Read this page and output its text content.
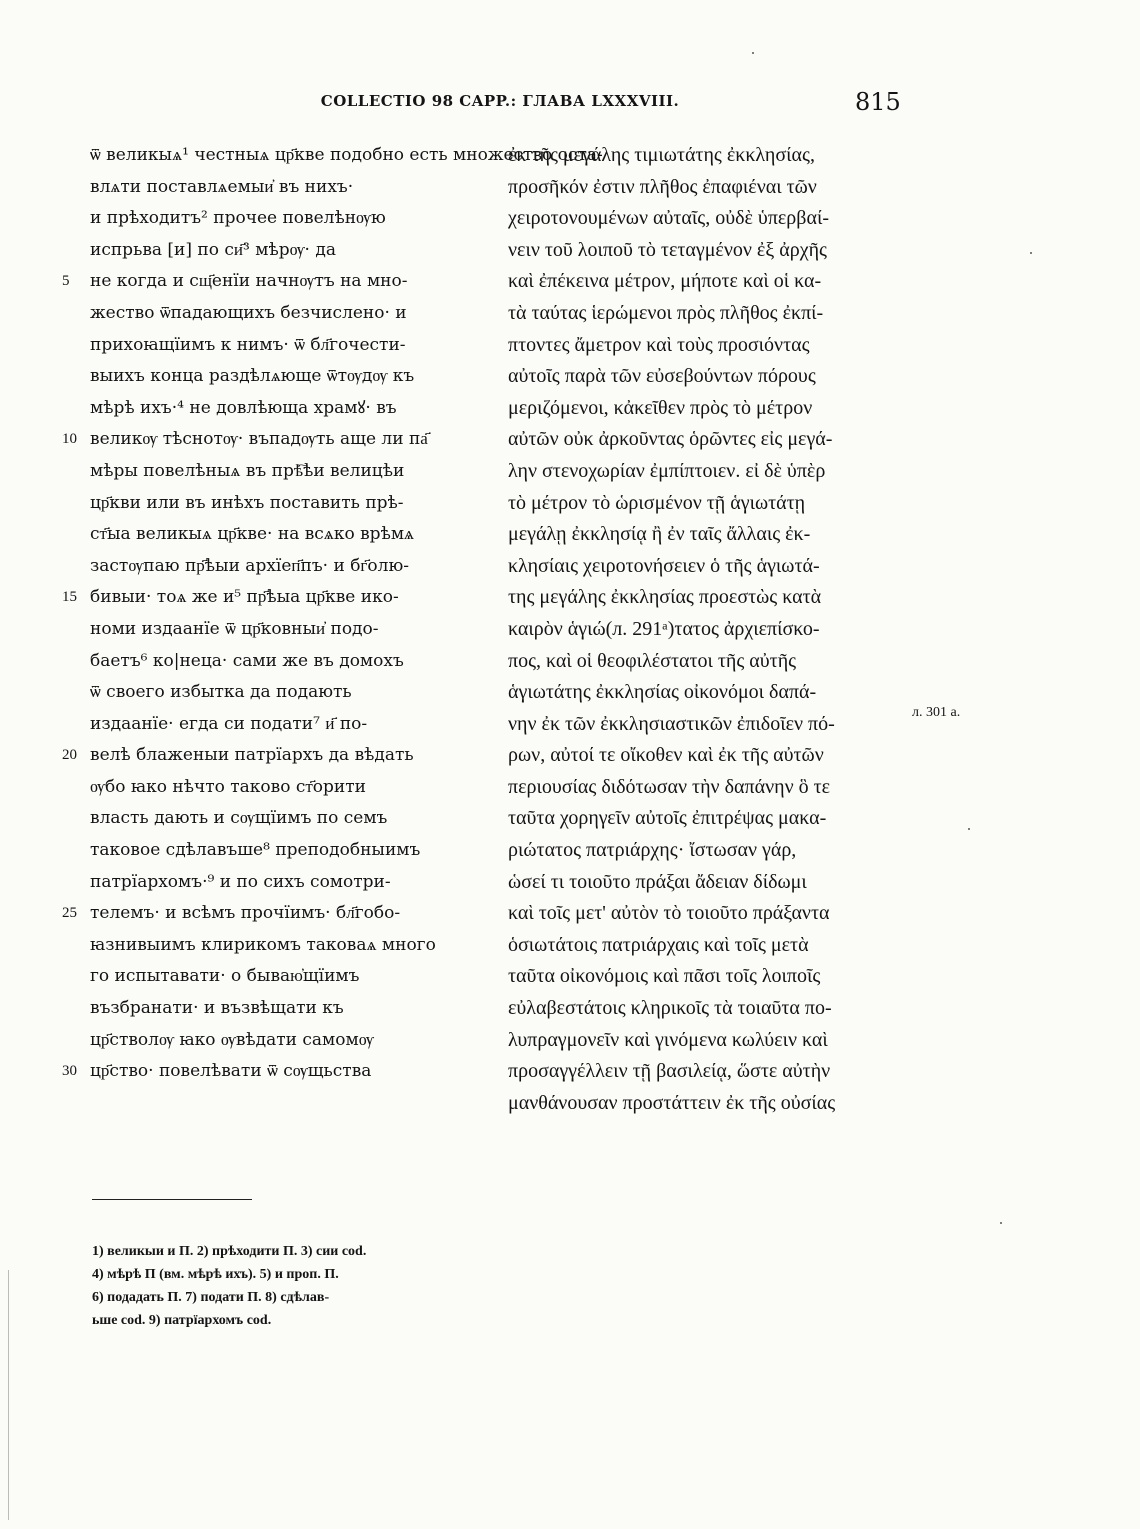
COLLECTIO 98 CAPP.: ГЛАВА LXXXVIII.	815
ѿ великыѧ¹ честныѧ цр҃кве подобно есть множество оста-
влѧти поставлѧемыи҆ въ нихъ·
и прѣходитъ² прочее повелѣнѹю
испрьва [и] по си҃³ мѣрѹ· да
не когда и сщ҃енїи начнѹтъ на мно-
жество ѿпадающихъ безчислено· и
прихоꙗщїимъ к нимъ· ѿ бл҃гочести-
выихъ конца раздѣлѧюще ѿтѹдѹ къ
мѣрѣ ихъ·⁴ не довлѣюща храмꙋ· въ
великѹ тѣснотѹ· въпадѹть аще ли па҃
мѣры повелѣныѧ въ прѣ҇ѣи велицѣи
цр҃кви или въ инѣхъ поставить прѣ-
ст҃ыа великыѧ цр҃кве· на всѧко врѣмѧ
застѹпаю пр҃ѣыи архїеп҃пъ· и бг҃олю-
бивыи· тоѧ же и⁵ пр҃ѣыа цр҃кве ико-
номи издаанїе ѿ цр҃ковныи҆ подо-
баетъ⁶ ко|неца· сами же въ домохъ
ѿ своего избытка да подають
издаанїе· егда си подати⁷ и҃ по-
велѣ блаженыи патрїархъ да вѣдать
ѹбо ꙗко нѣчто таково ст҃орити
власть дають и сѹщїимъ по семъ
таковое сдѣлавъше⁸ преподобныимъ
патрїархомъ·⁹ и по сихъ сомотри-
телемъ· и всѣмъ прочїимъ· бл҃гобо-
ꙗзнивыимъ клирикомъ таковаѧ много
го испытавати· о бываю҆щїимъ
възбранати· и възвѣщати къ
цр҃стволѹ ꙗко ѹвѣдати самомѹ
цр҃ство· повелѣвати ѿ сѹщьства
5
10
15
20
25
30
ἐκ τῆς μεγάλης τιμιωτάτης ἐκκλησίας,
προσῆκόν ἐστιν πλῆθος ἐπαφιέναι τῶν
χειροτονουμένων αὐταῖς, οὐδὲ ὑπερβαί-
νειν τοῦ λοιποῦ τὸ τεταγμένον ἐξ ἀρχῆς
καὶ ἐπέκεινα μέτρον, μήποτε καὶ οἱ κα-
τὰ ταύτας ἱερώμενοι πρὸς πλῆθος ἐκπί-
πτοντες ἄμετρον καὶ τοὺς προσιόντας
αὐτοῖς παρὰ τῶν εὐσεβούντων πόρους
μεριζόμενοι, κἀκεῖθεν πρὸς τὸ μέτρον
αὐτῶν οὐκ ἀρκοῦντας ὁρῶντες εἰς μεγά-
λην στενοχωρίαν ἐμπίπτοιεν. εἰ δὲ ὑπὲρ
τὸ μέτρον τὸ ὡρισμένον τῇ ἁγιωτάτῃ
μεγάλῃ ἐκκλησίᾳ ἢ ἐν ταῖς ἄλλαις ἐκ-
κλησίαις χειροτονήσειεν ὁ τῆς ἁγιωτά-
της μεγάλης ἐκκλησίας προεστὼς κατὰ
καιρὸν ἁγιώ(л. 291ᵃ)τατος ἀρχιεπίσκο-
πος, καὶ οἱ θεοφιλέστατοι τῆς αὐτῆς
ἁγιωτάτης ἐκκλησίας οἰκονόμοι δαπά-
νην ἐκ τῶν ἐκκλησιαστικῶν ἐπιδοῖεν πό-
ρων, αὐτοί τε οἴκοθεν καὶ ἐκ τῆς αὐτῶν
περιουσίας διδότωσαν τὴν δαπάνην ὃ τε
ταῦτα χορηγεῖν αὐτοῖς ἐπιτρέψας μακα-
ριώτατος πατριάρχης· ἴστωσαν γάρ,
ὡσεί τι τοιοῦτο πράξαι ἄδειαν δίδωμι
καὶ τοῖς μετ' αὐτὸν τὸ τοιοῦτο πράξαντα
ὁσιωτάτοις πατριάρχαις καὶ τοῖς μετὰ
ταῦτα οἰκονόμοις καὶ πᾶσι τοῖς λοιποῖς
εὐλαβεστάτοις κληρικοῖς τὰ τοιαῦτα πο-
λυπραγμονεῖν καὶ γινόμενα κωλύειν καὶ
προσαγγέλλειν τῇ βασιλείᾳ, ὥστε αὐτὴν
μανθάνουσαν προστάττειν ἐκ τῆς οὐσίας
л. 301 а.
1) великыи и П. 2) прѣходити П. 3) сии cod.
4) мѣрѣ П (вм. мѣрѣ ихъ). 5) и проп. П.
6) подадать П. 7) подати П. 8) сдѣлав-
ьше cod. 9) патрїархомъ cod.
